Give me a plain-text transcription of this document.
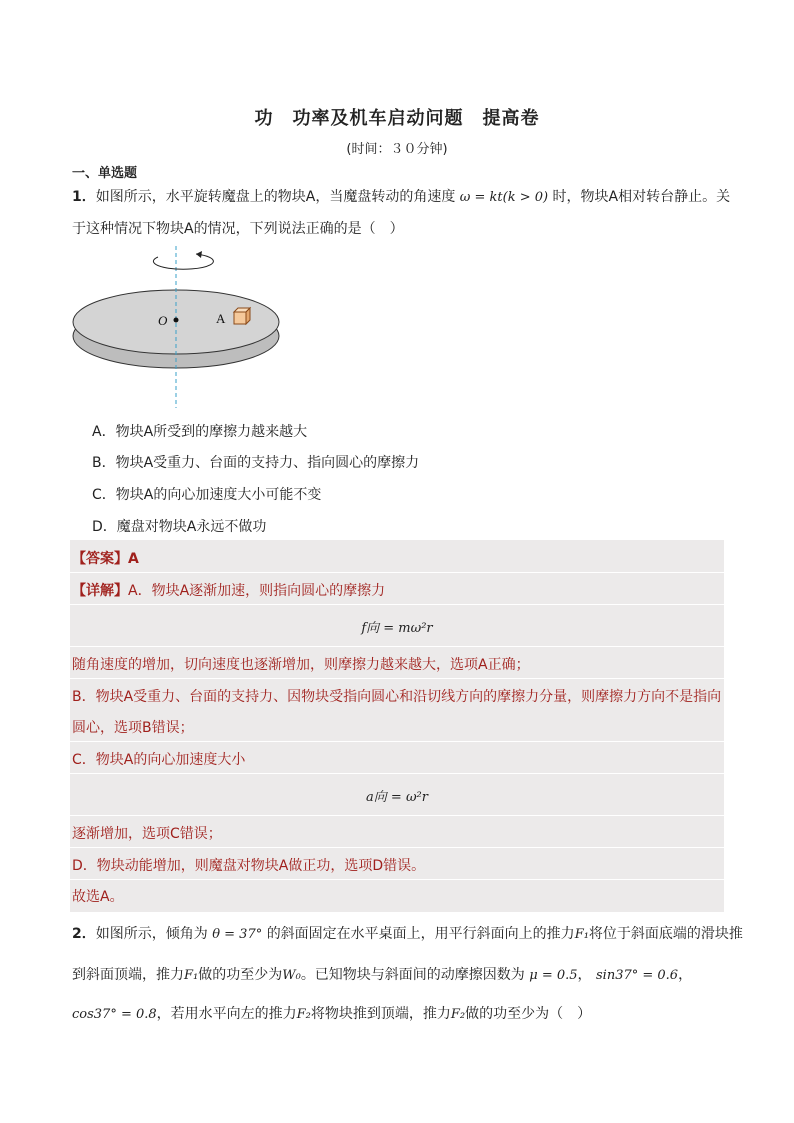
功　功率及机车启动问题　提高卷
(时间：３０分钟)
一、单选题
1．如图所示，水平旋转魔盘上的物块A，当魔盘转动的角速度 ω = kt(k > 0) 时，物块A相对转台静止。关
于这种情况下物块A的情况，下列说法正确的是（　）
O	A
A．物块A所受到的摩擦力越来越大
B．物块A受重力、台面的支持力、指向圆心的摩擦力
C．物块A的向心加速度大小可能不变
D．魔盘对物块A永远不做功
【答案】A
【详解】A．物块A逐渐加速，则指向圆心的摩擦力
f向 = mω²r
随角速度的增加，切向速度也逐渐增加，则摩擦力越来越大，选项A正确；
B．物块A受重力、台面的支持力、因物块受指向圆心和沿切线方向的摩擦力分量，则摩擦力方向不是指向
圆心，选项B错误；
C．物块A的向心加速度大小
a向 = ω²r
逐渐增加，选项C错误；
D．物块动能增加，则魔盘对物块A做正功，选项D错误。
故选A。
2．如图所示，倾角为 θ = 37° 的斜面固定在水平桌面上，用平行斜面向上的推力F₁将位于斜面底端的滑块推
到斜面顶端，推力F₁做的功至少为W₀。已知物块与斜面间的动摩擦因数为 μ = 0.5， sin37° = 0.6，
cos37° = 0.8，若用水平向左的推力F₂将物块推到顶端，推力F₂做的功至少为（　）
